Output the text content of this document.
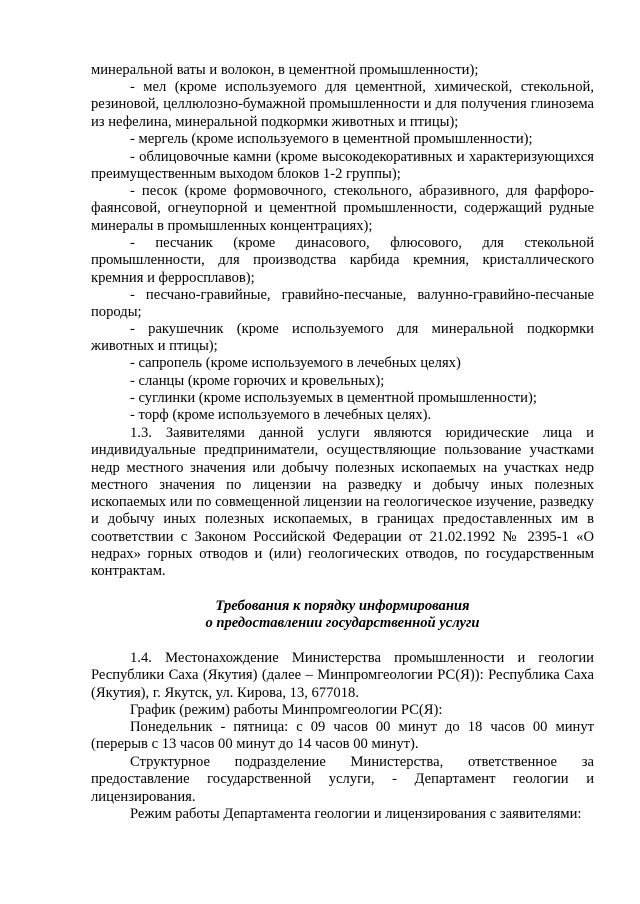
минеральной ваты и волокон, в цементной промышленности);

- мел (кроме используемого для цементной, химической, стекольной, резиновой, целлюлозно-бумажной промышленности и для получения глинозема из нефелина, минеральной подкормки животных и птицы);

- мергель (кроме используемого в цементной промышленности);

- облицовочные камни (кроме высокодекоративных и характеризующихся преимущественным выходом блоков 1-2 группы);

- песок (кроме формовочного, стекольного, абразивного, для фарфоро-фаянсовой, огнеупорной и цементной промышленности, содержащий рудные минералы в промышленных концентрациях);

- песчаник (кроме динасового, флюсового, для стекольной промышленности, для производства карбида кремния, кристаллического кремния и ферросплавов);

- песчано-гравийные, гравийно-песчаные, валунно-гравийно-песчаные породы;

- ракушечник (кроме используемого для минеральной подкормки животных и птицы);

- сапропель (кроме используемого в лечебных целях)

- сланцы (кроме горючих и кровельных);

- суглинки (кроме используемых в цементной промышленности);

- торф (кроме используемого в лечебных целях).

1.3. Заявителями данной услуги являются юридические лица и индивидуальные предприниматели, осуществляющие пользование участками недр местного значения или добычу полезных ископаемых на участках недр местного значения по лицензии на разведку и добычу иных полезных ископаемых или по совмещенной лицензии на геологическое изучение, разведку и добычу иных полезных ископаемых, в границах предоставленных им в соответствии с Законом Российской Федерации от 21.02.1992 № 2395-1 «О недрах» горных отводов и (или) геологических отводов, по государственным контрактам.

Требования к порядку информирования

о предоставлении государственной услуги

1.4. Местонахождение Министерства промышленности и геологии Республики Саха (Якутия) (далее – Минпромгеологии РС(Я)): Республика Саха (Якутия), г. Якутск, ул. Кирова, 13, 677018.

График (режим) работы Минпромгеологии РС(Я):

Понедельник - пятница: с 09 часов 00 минут до 18 часов 00 минут (перерыв с 13 часов 00 минут до 14 часов 00 минут).

Структурное подразделение Министерства, ответственное за предоставление государственной услуги, - Департамент геологии и лицензирования.

Режим работы Департамента геологии и лицензирования с заявителями:
